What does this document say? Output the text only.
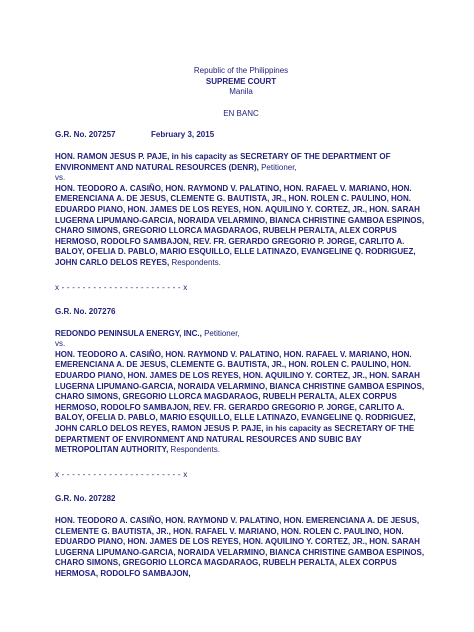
Republic of the Philippines

SUPREME COURT

Manila

EN BANC

G.R. No. 207257	February 3, 2015

HON. RAMON JESUS P. PAJE, in his capacity as SECRETARY OF THE DEPARTMENT OF ENVIRONMENT AND NATURAL RESOURCES (DENR), Petitioner,

vs.

HON. TEODORO A. CASIÑO, HON. RAYMOND V. PALATINO, HON. RAFAEL V. MARIANO, HON. EMERENCIANA A. DE JESUS, CLEMENTE G. BAUTISTA, JR., HON. ROLEN C. PAULINO, HON. EDUARDO PIANO, HON. JAMES DE LOS REYES, HON. AQUILINO Y. CORTEZ, JR., HON. SARAH LUGERNA LIPUMANO-GARCIA, NORAIDA VELARMINO, BIANCA CHRISTINE GAMBOA ESPINOS, CHARO SIMONS, GREGORIO LLORCA MAGDARAOG, RUBELH PERALTA, ALEX CORPUS HERMOSO, RODOLFO SAMBAJON, REV. FR. GERARDO GREGORIO P. JORGE, CARLITO A. BALOY, OFELIA D. PABLO, MARIO ESQUILLO, ELLE LATINAZO, EVANGELINE Q. RODRIGUEZ, JOHN CARLO DELOS REYES, Respondents.

x - - - - - - - - - - - - - - - - - - - - - - - x

G.R. No. 207276

REDONDO PENINSULA ENERGY, INC., Petitioner,

vs.

HON. TEODORO A. CASIÑO, HON. RAYMOND V. PALATINO, HON. RAFAEL V. MARIANO, HON. EMERENCIANA A. DE JESUS, CLEMENTE G. BAUTISTA, JR., HON. ROLEN C. PAULINO, HON. EDUARDO PIANO, HON. JAMES DE LOS REYES, HON. AQUILINO Y. CORTEZ, JR., HON. SARAH LUGERNA LIPUMANO-GARCIA, NORAIDA VELARMINO, BIANCA CHRISTINE GAMBOA ESPINOS, CHARO SIMONS, GREGORIO LLORCA MAGDARAOG, RUBELH PERALTA, ALEX CORPUS HERMOSO, RODOLFO SAMBAJON, REV. FR. GERARDO GREGORIO P. JORGE, CARLITO A. BALOY, OFELIA D. PABLO, MARIO ESQUILLO, ELLE LATINAZO, EVANGELINE Q. RODRIGUEZ, JOHN CARLO DELOS REYES, RAMON JESUS P. PAJE, in his capacity as SECRETARY OF THE DEPARTMENT OF ENVIRONMENT AND NATURAL RESOURCES AND SUBIC BAY METROPOLITAN AUTHORITY, Respondents.

x - - - - - - - - - - - - - - - - - - - - - - - x

G.R. No. 207282

HON. TEODORO A. CASIÑO, HON. RAYMOND V. PALATINO, HON. EMERENCIANA A. DE JESUS, CLEMENTE G. BAUTISTA, JR., HON. RAFAEL V. MARIANO, HON. ROLEN C. PAULINO, HON. EDUARDO PIANO, HON. JAMES DE LOS REYES, HON. AQUILINO Y. CORTEZ, JR., HON. SARAH LUGERNA LIPUMANO-GARCIA, NORAIDA VELARMINO, BIANCA CHRISTINE GAMBOA ESPINOS, CHARO SIMONS, GREGORIO LLORCA MAGDARAOG, RUBELH PERALTA, ALEX CORPUS HERMOSA, RODOLFO SAMBAJON,
